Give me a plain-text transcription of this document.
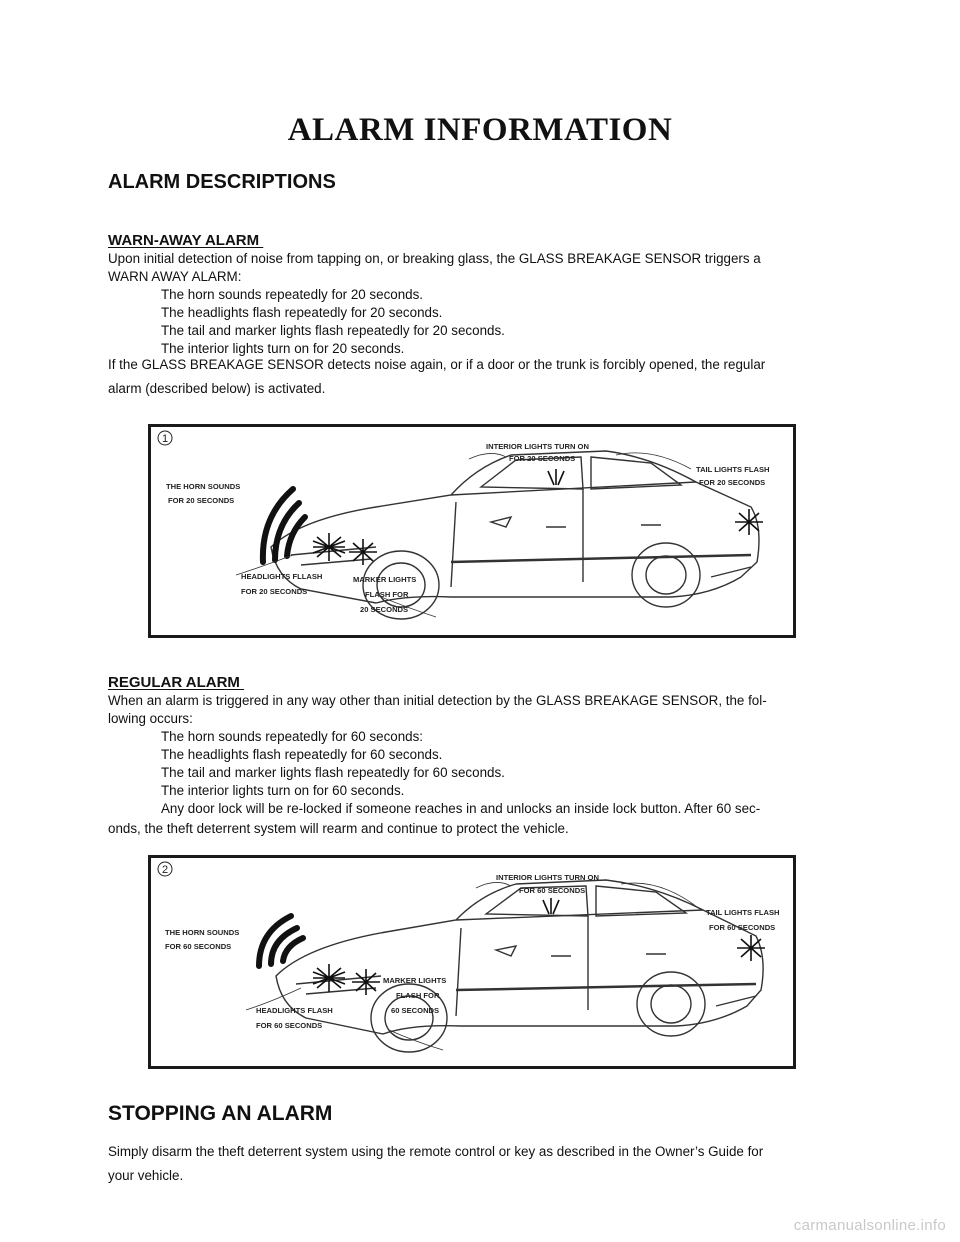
ALARM INFORMATION
ALARM DESCRIPTIONS
WARN-AWAY ALARM

Upon initial detection of noise from tapping on, or breaking glass, the GLASS BREAKAGE SENSOR triggers a
WARN AWAY ALARM:

The horn sounds repeatedly for 20 seconds.
The headlights flash repeatedly for 20 seconds.
The tail and marker lights flash repeatedly for 20 seconds.
The interior lights turn on for 20 seconds.

If the GLASS BREAKAGE SENSOR detects noise again, or if a door or the trunk is forcibly opened, the regular
alarm (described below) is activated.

1
INTERIOR LIGHTS TURN ON
FOR 20 SECONDS
TAIL LIGHTS FLASH
FOR 20 SECONDS
THE HORN SOUNDS
FOR 20 SECONDS
HEADLIGHTS FLLASH
FOR 20 SECONDS
MARKER LIGHTS
FLASH FOR
20 SECONDS
REGULAR ALARM

When an alarm is triggered in any way other than initial detection by the GLASS BREAKAGE SENSOR, the fol-
lowing occurs:

The horn sounds repeatedly for 60 seconds:
The headlights flash repeatedly for 60 seconds.
The tail and marker lights flash repeatedly for 60 seconds.
The interior lights turn on for 60 seconds.
Any door lock will be re-locked if someone reaches in and unlocks an inside lock button. After 60 sec-

onds, the theft deterrent system will rearm and continue to protect the vehicle.

2
INTERIOR LIGHTS TURN ON
FOR 60 SECONDS
TAIL LIGHTS FLASH
FOR 60 SECONDS
THE HORN SOUNDS
FOR 60 SECONDS
HEADLIGHTS FLASH
FOR 60 SECONDS
MARKER LIGHTS
FLASH FOR
60 SECONDS
STOPPING AN ALARM

Simply disarm the theft deterrent system using the remote control or key as described in the Owner’s Guide for
your vehicle.

carmanualsonline.info
